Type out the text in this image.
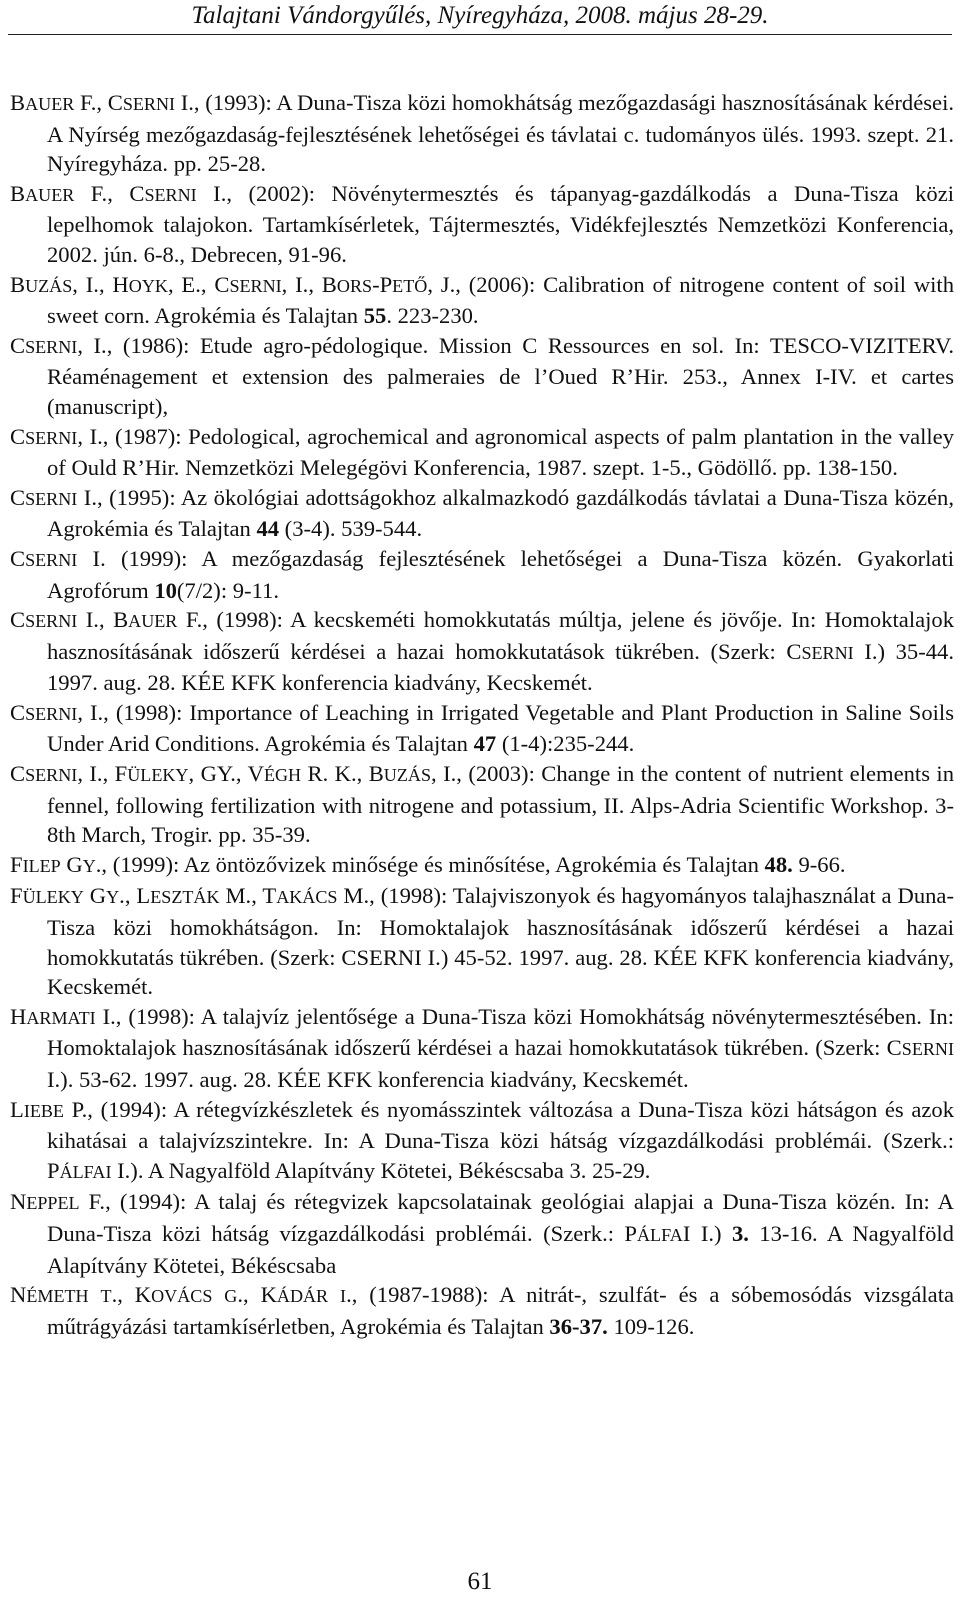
Talajtani Vándorgyűlés, Nyíregyháza, 2008. május 28-29.

BAUER F., CSERNI I., (1993): A Duna-Tisza közi homokhátság mezőgazdasági hasznosításának kérdései. A Nyírség mezőgazdaság-fejlesztésének lehetőségei és távlatai c. tudományos ülés. 1993. szept. 21. Nyíregyháza. pp. 25-28.

BAUER F., CSERNI I., (2002): Növénytermesztés és tápanyag-gazdálkodás a Duna-Tisza közi lepelhomok talajokon. Tartamkísérletek, Tájtermesztés, Vidékfejlesztés Nemzetközi Konferencia, 2002. jún. 6-8., Debrecen, 91-96.

BUZÁS, I., HOYK, E., CSERNI, I., BORS-PETŐ, J., (2006): Calibration of nitrogene content of soil with sweet corn. Agrokémia és Talajtan 55. 223-230.

CSERNI, I., (1986): Etude agro-pédologique. Mission C Ressources en sol. In: TESCO-VIZITERV. Réaménagement et extension des palmeraies de l’Oued R’Hir. 253., Annex I-IV. et cartes (manuscript),

CSERNI, I., (1987): Pedological, agrochemical and agronomical aspects of palm plantation in the valley of Ould R’Hir. Nemzetközi Melegégövi Konferencia, 1987. szept. 1-5., Gödöllő. pp. 138-150.

CSERNI I., (1995): Az ökológiai adottságokhoz alkalmazkodó gazdálkodás távlatai a Duna-Tisza közén, Agrokémia és Talajtan 44 (3-4). 539-544.

CSERNI I. (1999): A mezőgazdaság fejlesztésének lehetőségei a Duna-Tisza közén. Gyakorlati Agrofórum 10(7/2): 9-11.

CSERNI I., BAUER F., (1998): A kecskeméti homokkutatás múltja, jelene és jövője. In: Homoktalajok hasznosításának időszerű kérdései a hazai homokkutatások tükrében. (Szerk: CSERNI I.) 35-44. 1997. aug. 28. KÉE KFK konferencia kiadvány, Kecskemét.

CSERNI, I., (1998): Importance of Leaching in Irrigated Vegetable and Plant Production in Saline Soils Under Arid Conditions. Agrokémia és Talajtan 47 (1-4):235-244.

CSERNI, I., FÜLEKY, GY., VÉGH R. K., BUZÁS, I., (2003): Change in the content of nutrient elements in fennel, following fertilization with nitrogene and potassium, II. Alps-Adria Scientific Workshop. 3-8th March, Trogir. pp. 35-39.

FILEP GY., (1999): Az öntözővizek minősége és minősítése, Agrokémia és Talajtan 48. 9-66.

FÜLEKY GY., LESZTÁK M., TAKÁCS M., (1998): Talajviszonyok és hagyományos talajhasználat a Duna-Tisza közi homokhátságon. In: Homoktalajok hasznosításának időszerű kérdései a hazai homokkutatás tükrében. (Szerk: CSERNI I.) 45-52. 1997. aug. 28. KÉE KFK konferencia kiadvány, Kecskemét.

HARMATI I., (1998): A talajvíz jelentősége a Duna-Tisza közi Homokhátság növénytermesztésében. In: Homoktalajok hasznosításának időszerű kérdései a hazai homokkutatások tükrében. (Szerk: CSERNI I.). 53-62. 1997. aug. 28. KÉE KFK konferencia kiadvány, Kecskemét.

LIEBE P., (1994): A rétegvízkészletek és nyomásszintek változása a Duna-Tisza közi hátságon és azok kihatásai a talajvízszintekre. In: A Duna-Tisza közi hátság vízgazdálkodási problémái. (Szerk.: PÁLFAI I.). A Nagyalföld Alapítvány Kötetei, Békéscsaba 3. 25-29.

NEPPEL F., (1994): A talaj és rétegvizek kapcsolatainak geológiai alapjai a Duna-Tisza közén. In: A Duna-Tisza közi hátság vízgazdálkodási problémái. (Szerk.: PÁLFAI I.) 3. 13-16. A Nagyalföld Alapítvány Kötetei, Békéscsaba

NÉMETH T., KOVÁCS G., KÁDÁR I., (1987-1988): A nitrát-, szulfát- és a sóbemosódás vizsgálata műtrágyázási tartamkísérletben, Agrokémia és Talajtan 36-37. 109-126.

61
